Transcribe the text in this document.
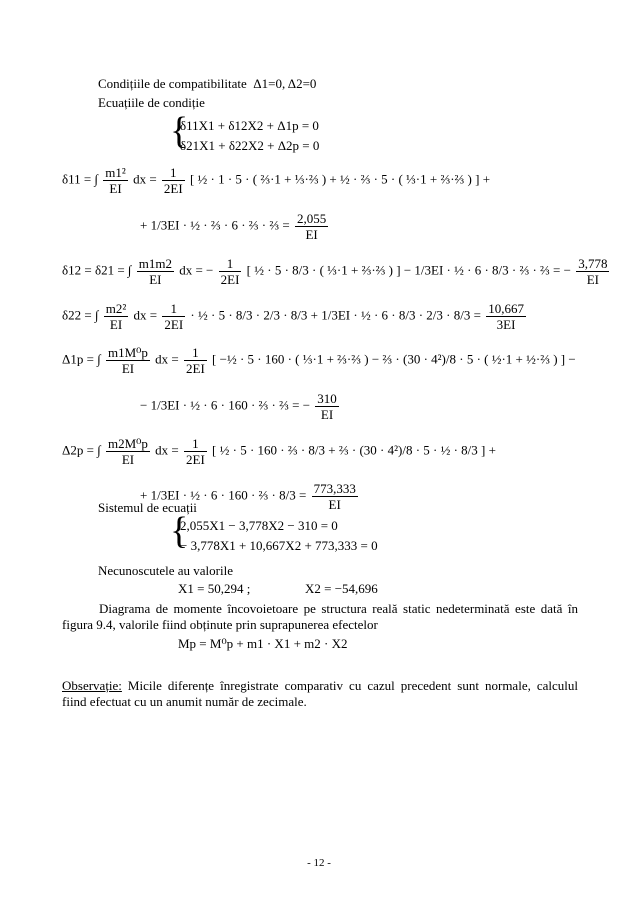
Condițiile de compatibilitate Δ1=0, Δ2=0
Ecuațiile de condiție
{
δ11X1 + δ12X2 + Δ1p = 0
δ21X1 + δ22X2 + Δ2p = 0
δ11 = ∫ $\frac{\text{m1²}}{EI}$ dx = $\frac{1}{2EI}$ [ ½ · 1 · 5 · ( ⅔·1 + ⅓·⅔ ) + ½ · ⅔ · 5 · ( ⅓·1 + ⅔·⅔ ) ] +
+ 1/3EI · ½ · ⅔ · 6 · ⅔ · ⅔ = $\frac{2,055}{EI}$
δ12 = δ21 = ∫ $\frac{m1m2}{EI}$ dx = − $\frac{1}{2EI}$ [ ½ · 5 · 8/3 · ( ⅓·1 + ⅔·⅔ ) ] − 1/3EI · ½ · 6 · 8/3 · ⅔ · ⅔ = − $\frac{3,778}{EI}$
δ22 = ∫ $\frac{\text{m2²}}{EI}$ dx = $\frac{1}{2EI}$ · ½ · 5 · 8/3 · 2/3 · 8/3 + 1/3EI · ½ · $6 \cdot 8/3 \cdot 2/3 \cdot 8/3 = \frac{10,667}{3EI}$
Δ1p = ∫ $\frac{\text{m1M⁰p}}{EI}$ dx = $\frac{1}{2EI}$ [ −½ · 5 · 160 · ( ⅓·1 + ⅔·⅔ ) − ⅔ · (30 · 4²)/8 · 5 · ( ½·1 + ½·⅔ ) ] −
− 1/3EI · ½ · 6 · 160 · ⅔ · ⅔ = − $\frac{310}{EI}$
Δ2p = ∫ $\frac{\text{m2M⁰p}}{EI}$ dx = $\frac{1}{2EI}$ [ ½ · 5 · 160 · ⅔ · 8/3 + ⅔ · (30 · 4²)/8 · 5 · ½ · 8/3 ] +
+ 1/3EI · ½ · 6 · 160 · ⅔ · $8/3 = \frac{773,333}{EI}$
Sistemul de ecuații
{
2,055X1 − 3,778X2 − 310 = 0
− 3,778X1 + 10,667X2 + 773,333 = 0
Necunoscutele au valorile
X1 = 50,294 ;	X2 = −54,696
Diagrama de momente încovoietoare pe structura reală static nedeterminată este dată în figura 9.4, valorile fiind obținute prin suprapunerea efectelor
Mp = M⁰p + m1 · X1 + m2 · X2
Observație: Micile diferențe înregistrate comparativ cu cazul precedent sunt normale, calculul fiind efectuat cu un anumit număr de zecimale.
- 12 -
